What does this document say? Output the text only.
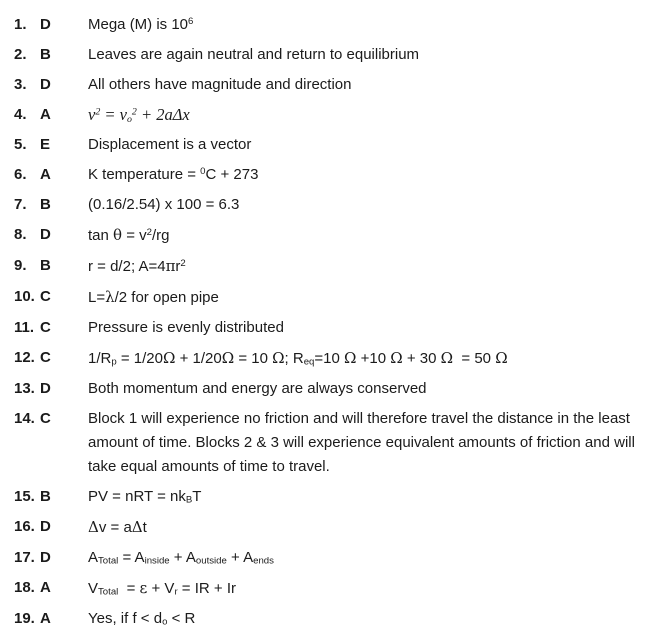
1. D	Mega (M) is $10^6$
2. B	Leaves are again neutral and return to equilibrium
3. D	All others have magnitude and direction
4. A	$v^2 = v_o^2 + 2a\Delta x$
5. E	Displacement is a vector
6. A	K temperature = $^0$C + 273
7. B	(0.16/2.54) x 100 = 6.3
8. D	$\tan \theta = v^2/rg$
9. B	r = d/2; $A=4\pi r^2$
10. C	L=λ/2 for open pipe
11. C	Pressure is evenly distributed
12. C	$1/R_p = 1/20\Omega + 1/20\Omega = 10$ Ω; $R_{eq}=10$ Ω +10 Ω + 30 Ω  = 50 Ω
13. D	Both momentum and energy are always conserved
14. C	Block 1 will experience no friction and will therefore travel the distance in the least amount of time. Blocks 2 & 3 will experience equivalent amounts of friction and will take equal amounts of time to travel.
15. B	PV = nRT = $nk_BT$
16. D	Δv = aΔt
17. D	$A_{Total} = A_{inside} + A_{outside} + A_{ends}$
18. A	$V_{Total} = \varepsilon + V_r$ = IR + Ir
19. A	Yes, if $f < d_o < R$
